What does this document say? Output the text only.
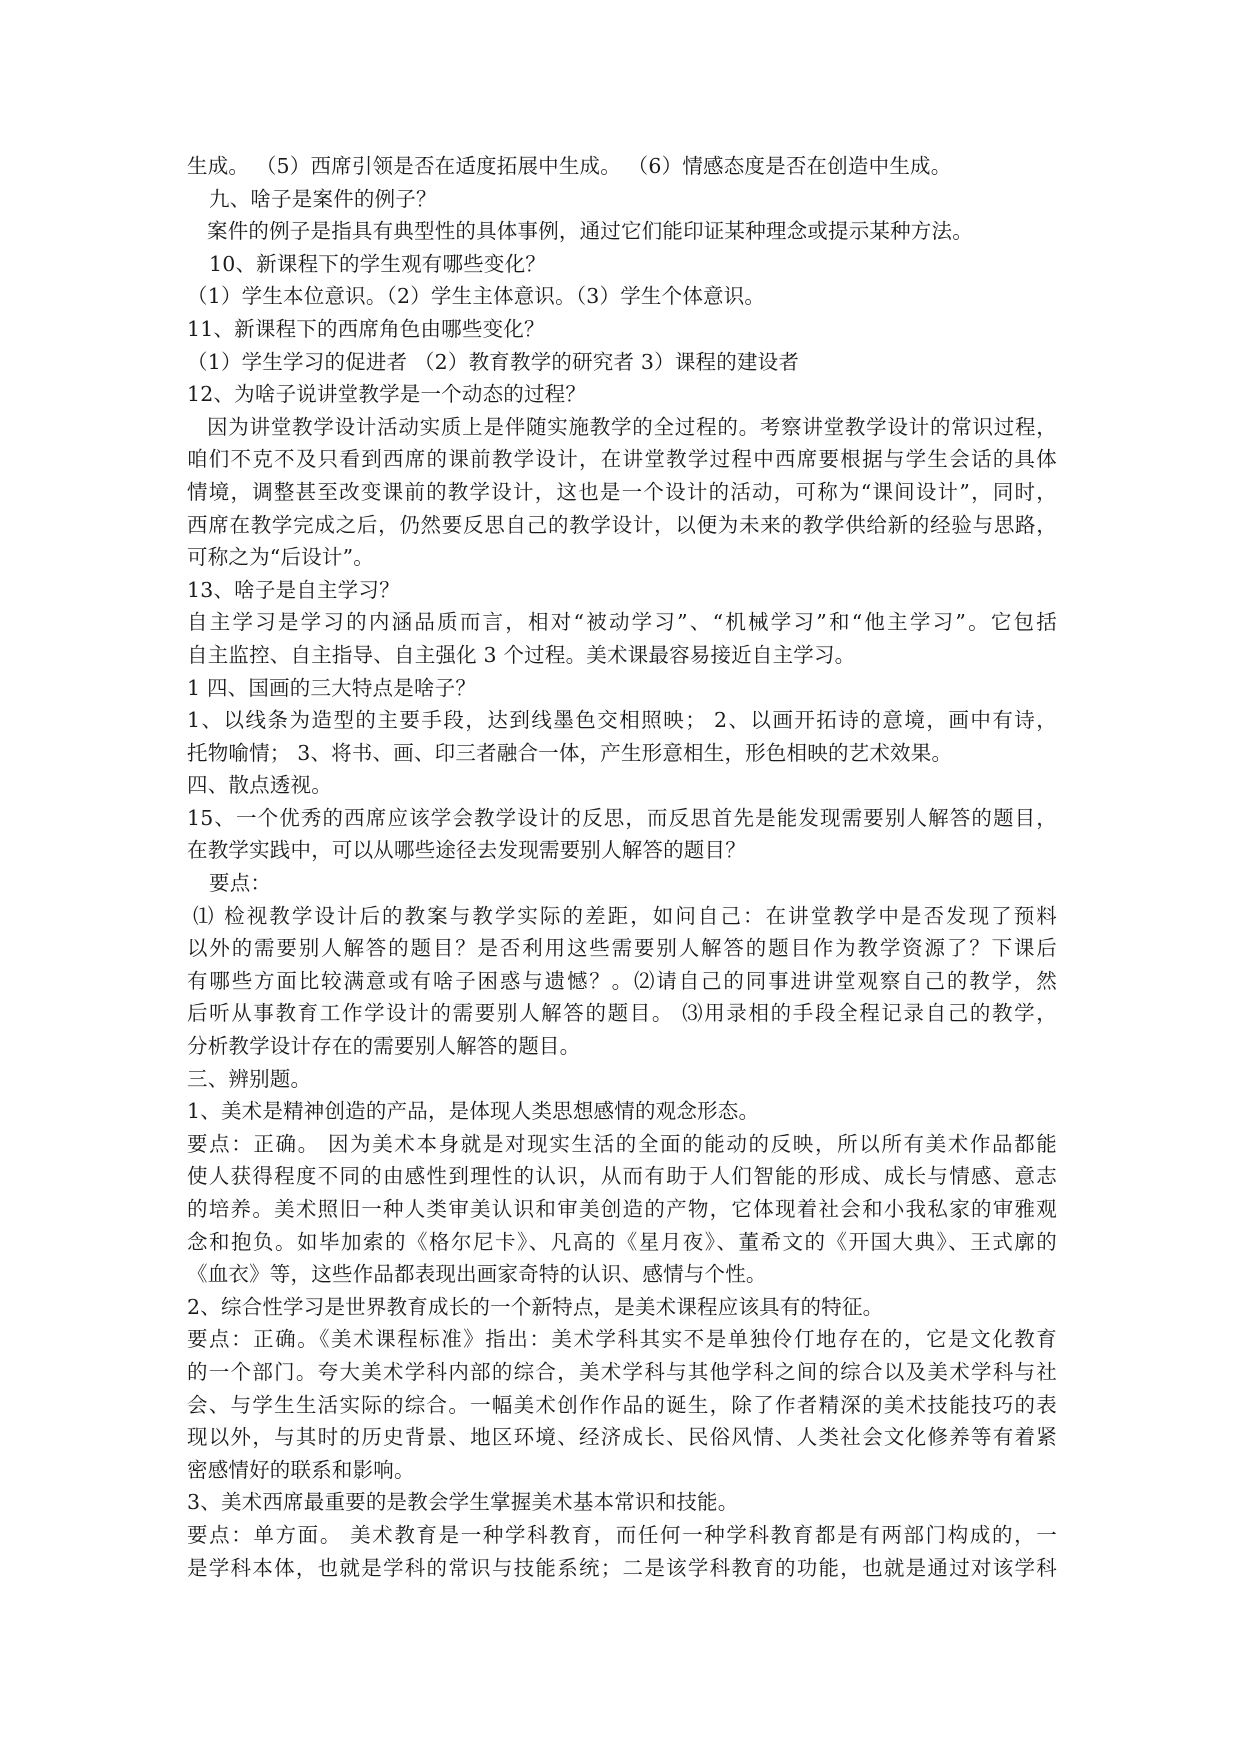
生成。 （5）西席引领是否在适度拓展中生成。 （6）情感态度是否在创造中生成。
九、啥子是案件的例子？
案件的例子是指具有典型性的具体事例，通过它们能印证某种理念或提示某种方法。
10、新课程下的学生观有哪些变化？
（1）学生本位意识。（2）学生主体意识。（3）学生个体意识。
11、新课程下的西席角色由哪些变化？
（1）学生学习的促进者 （2）教育教学的研究者 3）课程的建设者
12、为啥子说讲堂教学是一个动态的过程？
因为讲堂教学设计活动实质上是伴随实施教学的全过程的。考察讲堂教学设计的常识过程，
咱们不克不及只看到西席的课前教学设计，在讲堂教学过程中西席要根据与学生会话的具体
情境，调整甚至改变课前的教学设计，这也是一个设计的活动，可称为“课间设计”，同时，
西席在教学完成之后，仍然要反思自己的教学设计，以便为未来的教学供给新的经验与思路，
可称之为“后设计”。
13、啥子是自主学习？
自主学习是学习的内涵品质而言，相对“被动学习”、“机械学习”和“他主学习”。它包括
自主监控、自主指导、自主强化 3 个过程。美术课最容易接近自主学习。
1 四、国画的三大特点是啥子？
1、以线条为造型的主要手段，达到线墨色交相照映； 2、以画开拓诗的意境，画中有诗，
托物喻情； 3、将书、画、印三者融合一体，产生形意相生，形色相映的艺术效果。
四、散点透视。
15、一个优秀的西席应该学会教学设计的反思，而反思首先是能发现需要别人解答的题目，
在教学实践中，可以从哪些途径去发现需要别人解答的题目？
要点：
⑴ 检视教学设计后的教案与教学实际的差距，如问自己：在讲堂教学中是否发现了预料
以外的需要别人解答的题目？是否利用这些需要别人解答的题目作为教学资源了？下课后
有哪些方面比较满意或有啥子困惑与遗憾？。⑵请自己的同事进讲堂观察自己的教学，然
后听从事教育工作学设计的需要别人解答的题目。 ⑶用录相的手段全程记录自己的教学，
分析教学设计存在的需要别人解答的题目。
三、辨别题。
1、美术是精神创造的产品，是体现人类思想感情的观念形态。
要点：正确。 因为美术本身就是对现实生活的全面的能动的反映，所以所有美术作品都能
使人获得程度不同的由感性到理性的认识，从而有助于人们智能的形成、成长与情感、意志
的培养。美术照旧一种人类审美认识和审美创造的产物，它体现着社会和小我私家的审雅观
念和抱负。如毕加索的《格尔尼卡》、凡高的《星月夜》、董希文的《开国大典》、王式廓的
《血衣》等，这些作品都表现出画家奇特的认识、感情与个性。
2、综合性学习是世界教育成长的一个新特点，是美术课程应该具有的特征。
要点：正确。《美术课程标准》指出：美术学科其实不是单独伶仃地存在的，它是文化教育
的一个部门。夸大美术学科内部的综合，美术学科与其他学科之间的综合以及美术学科与社
会、与学生生活实际的综合。一幅美术创作作品的诞生，除了作者精深的美术技能技巧的表
现以外，与其时的历史背景、地区环境、经济成长、民俗风情、人类社会文化修养等有着紧
密感情好的联系和影响。
3、美术西席最重要的是教会学生掌握美术基本常识和技能。
要点：单方面。 美术教育是一种学科教育，而任何一种学科教育都是有两部门构成的，一
是学科本体，也就是学科的常识与技能系统；二是该学科教育的功能，也就是通过对该学科
